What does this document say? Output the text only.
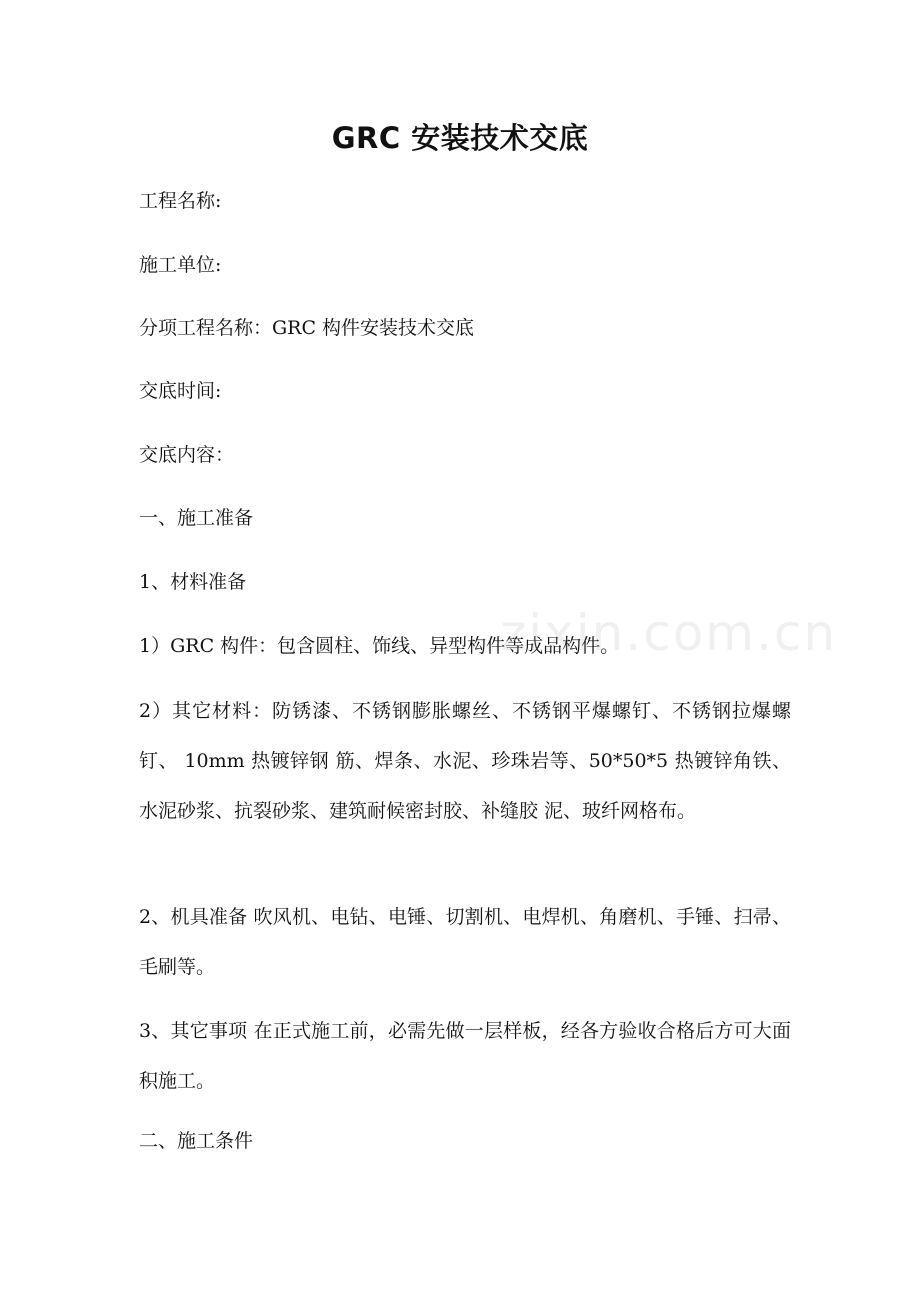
GRC 安装技术交底

工程名称:

施工单位:

分项工程名称：GRC 构件安装技术交底

交底时间:

交底内容：

一、施工准备

1、材料准备

1）GRC 构件：包含圆柱、饰线、异型构件等成品构件。

2）其它材料：防锈漆、不锈钢膨胀螺丝、不锈钢平爆螺钉、不锈钢拉爆螺钉、 10mm 热镀锌钢 筋、焊条、水泥、珍珠岩等、50*50*5 热镀锌角铁、水泥砂浆、抗裂砂浆、建筑耐候密封胶、补缝胶 泥、玻纤网格布。

2、机具准备 吹风机、电钻、电锤、切割机、电焊机、角磨机、手锤、扫帚、毛刷等。

3、其它事项 在正式施工前，必需先做一层样板，经各方验收合格后方可大面积施工。

二、施工条件

zixin.com.cn
